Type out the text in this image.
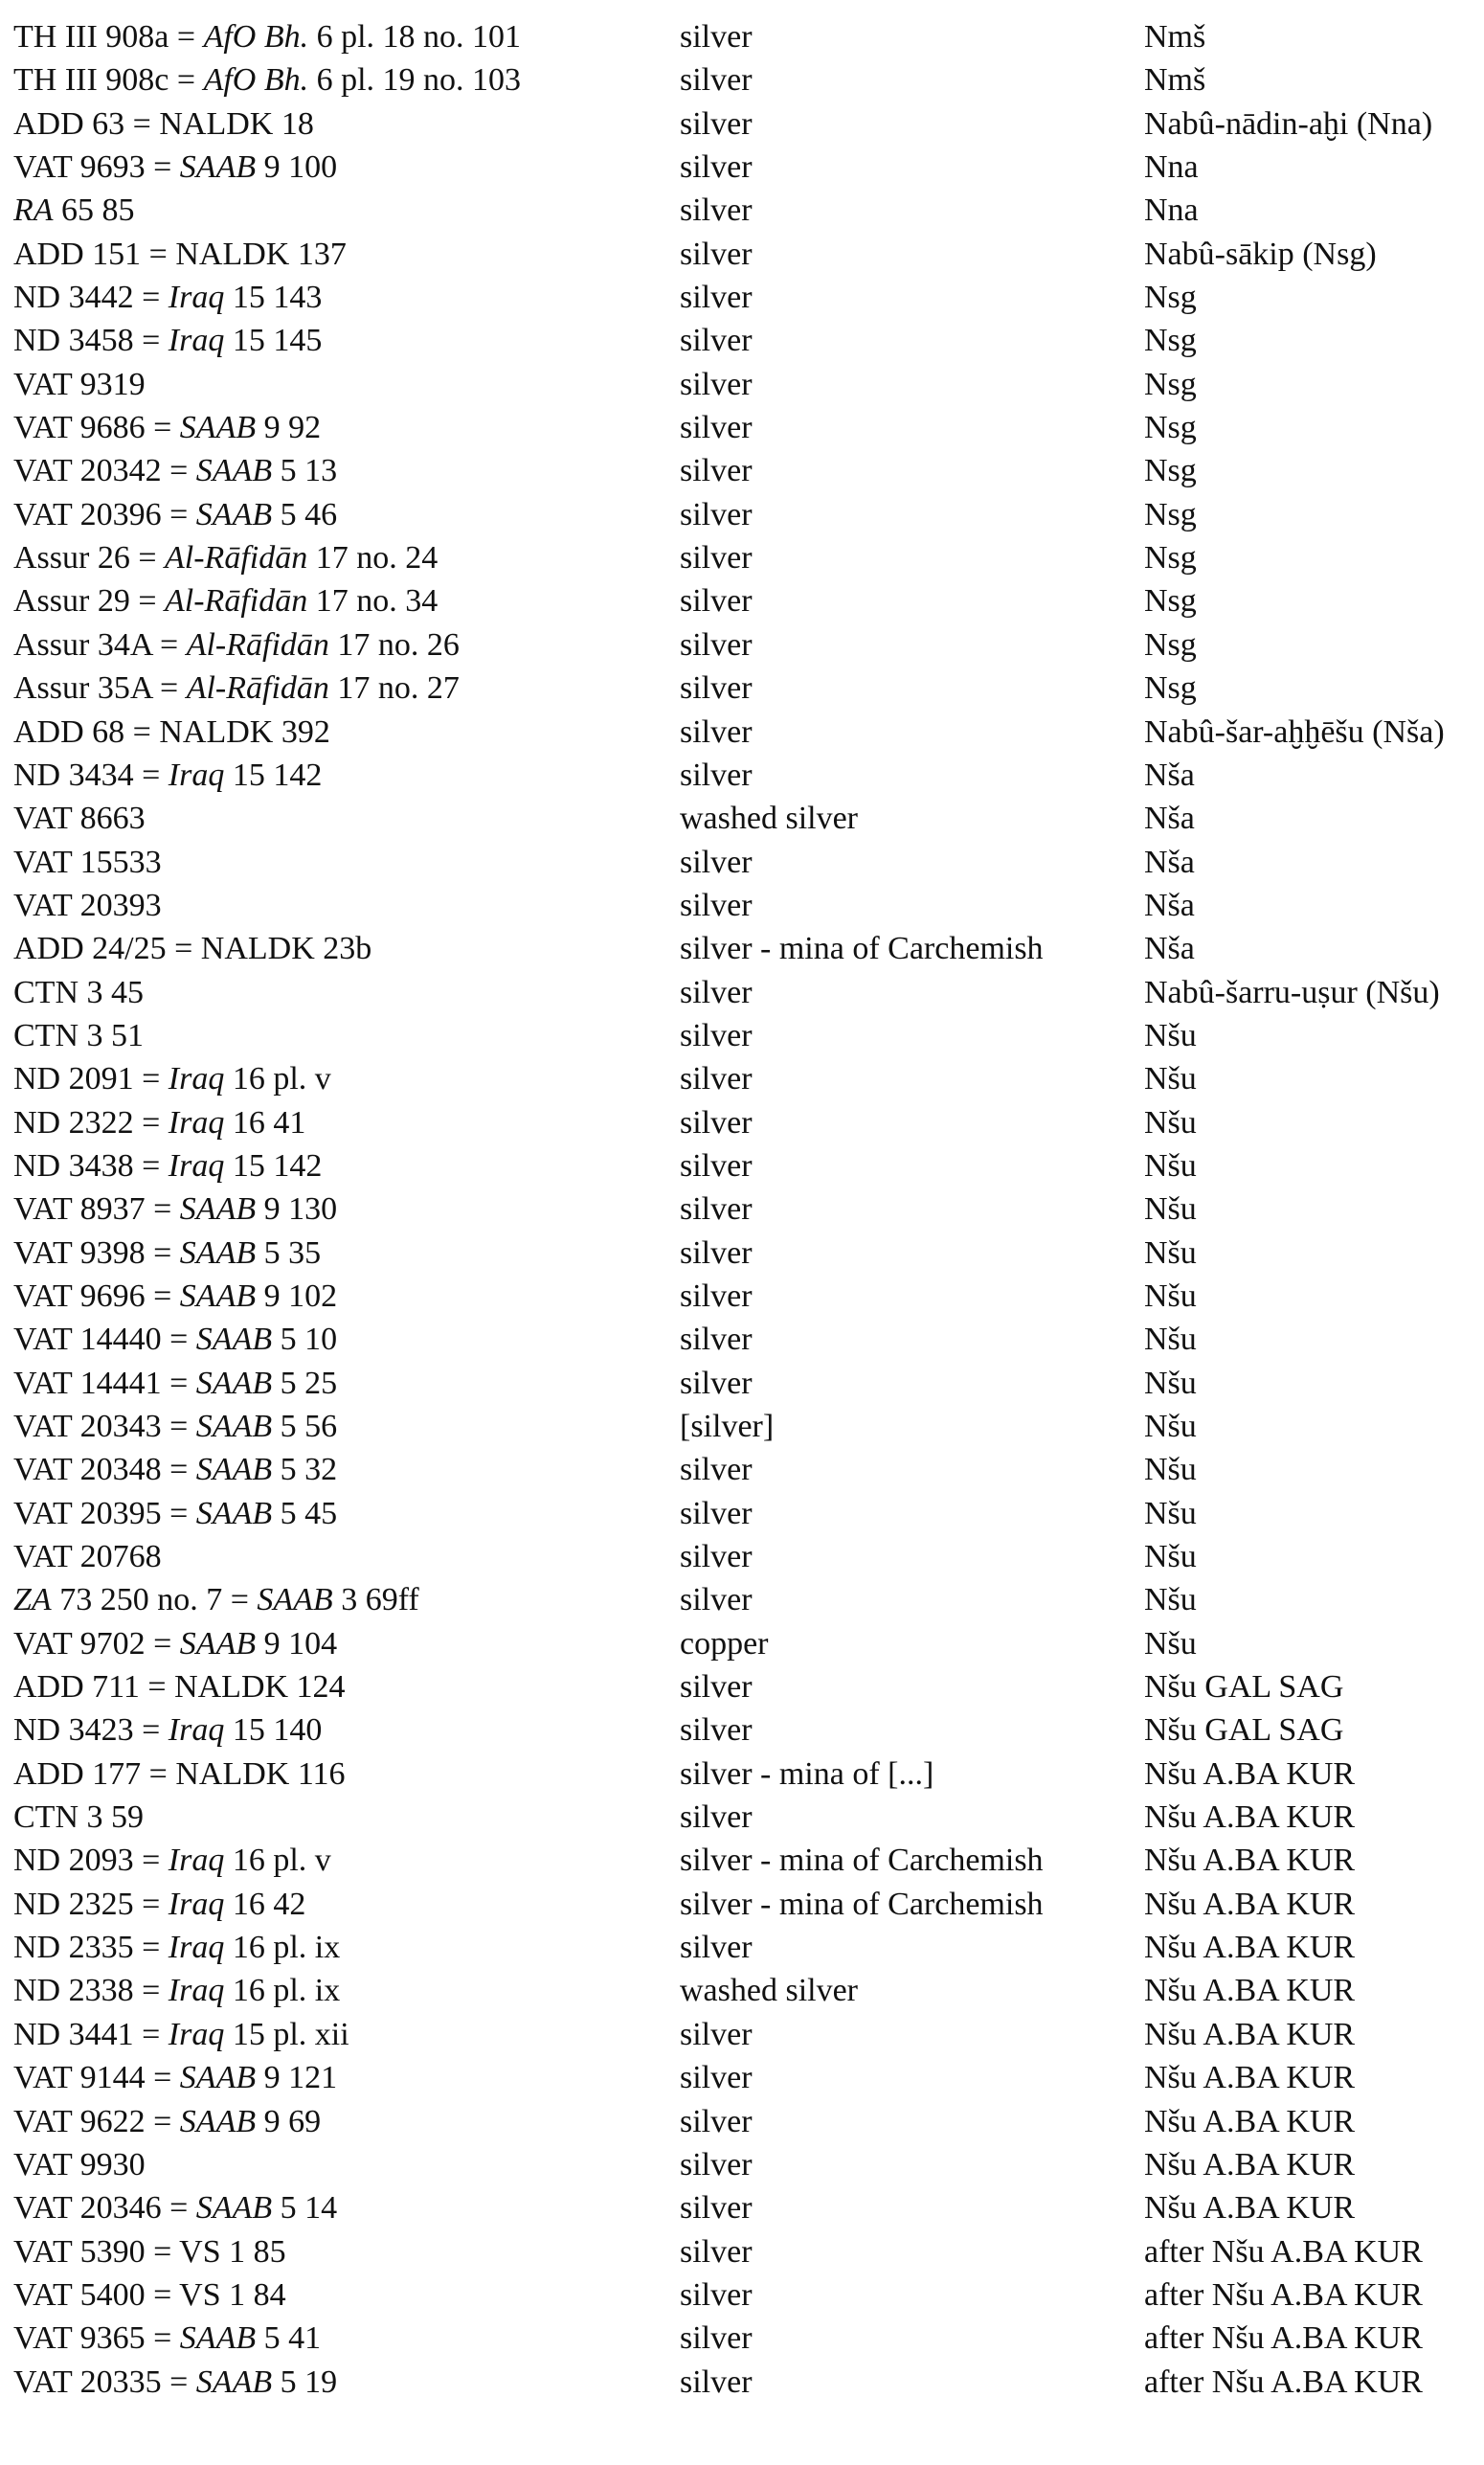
TH III 908a = AfO Bh. 6 pl. 18 no. 101	silver	Nmš
TH III 908c = AfO Bh. 6 pl. 19 no. 103	silver	Nmš
ADD 63 = NALDK 18	silver	Nabû-nādin-aḫi (Nna)
VAT 9693 = SAAB 9 100	silver	Nna
RA 65 85	silver	Nna
ADD 151 = NALDK 137	silver	Nabû-sākip (Nsg)
ND 3442 = Iraq 15 143	silver	Nsg
ND 3458 = Iraq 15 145	silver	Nsg
VAT 9319	silver	Nsg
VAT 9686 = SAAB 9 92	silver	Nsg
VAT 20342 = SAAB 5 13	silver	Nsg
VAT 20396 = SAAB 5 46	silver	Nsg
Assur 26 = Al-Rāfidān 17 no. 24	silver	Nsg
Assur 29 = Al-Rāfidān 17 no. 34	silver	Nsg
Assur 34A = Al-Rāfidān 17 no. 26	silver	Nsg
Assur 35A = Al-Rāfidān 17 no. 27	silver	Nsg
ADD 68 = NALDK 392	silver	Nabû-šar-aḫḫēšu (Nša)
ND 3434 = Iraq 15 142	silver	Nša
VAT 8663	washed silver	Nša
VAT 15533	silver	Nša
VAT 20393	silver	Nša
ADD 24/25 = NALDK 23b	silver - mina of Carchemish	Nša
CTN 3 45	silver	Nabû-šarru-uṣur (Nšu)
CTN 3 51	silver	Nšu
ND 2091 = Iraq 16 pl. v	silver	Nšu
ND 2322 = Iraq 16 41	silver	Nšu
ND 3438 = Iraq 15 142	silver	Nšu
VAT 8937 = SAAB 9 130	silver	Nšu
VAT 9398 = SAAB 5 35	silver	Nšu
VAT 9696 = SAAB 9 102	silver	Nšu
VAT 14440 = SAAB 5 10	silver	Nšu
VAT 14441 = SAAB 5 25	silver	Nšu
VAT 20343 = SAAB 5 56	[silver]	Nšu
VAT 20348 = SAAB 5 32	silver	Nšu
VAT 20395 = SAAB 5 45	silver	Nšu
VAT 20768	silver	Nšu
ZA 73 250 no. 7 = SAAB 3 69ff	silver	Nšu
VAT 9702 = SAAB 9 104	copper	Nšu
ADD 711 = NALDK 124	silver	Nšu GAL SAG
ND 3423 = Iraq 15 140	silver	Nšu GAL SAG
ADD 177 = NALDK 116	silver - mina of [...]	Nšu A.BA KUR
CTN 3 59	silver	Nšu A.BA KUR
ND 2093 = Iraq 16 pl. v	silver - mina of Carchemish	Nšu A.BA KUR
ND 2325 = Iraq 16 42	silver - mina of Carchemish	Nšu A.BA KUR
ND 2335 = Iraq 16 pl. ix	silver	Nšu A.BA KUR
ND 2338 = Iraq 16 pl. ix	washed silver	Nšu A.BA KUR
ND 3441 = Iraq 15 pl. xii	silver	Nšu A.BA KUR
VAT 9144 = SAAB 9 121	silver	Nšu A.BA KUR
VAT 9622 = SAAB 9 69	silver	Nšu A.BA KUR
VAT 9930	silver	Nšu A.BA KUR
VAT 20346 = SAAB 5 14	silver	Nšu A.BA KUR
VAT 5390 = VS 1 85	silver	after Nšu A.BA KUR
VAT 5400 = VS 1 84	silver	after Nšu A.BA KUR
VAT 9365 = SAAB 5 41	silver	after Nšu A.BA KUR
VAT 20335 = SAAB 5 19	silver	after Nšu A.BA KUR
